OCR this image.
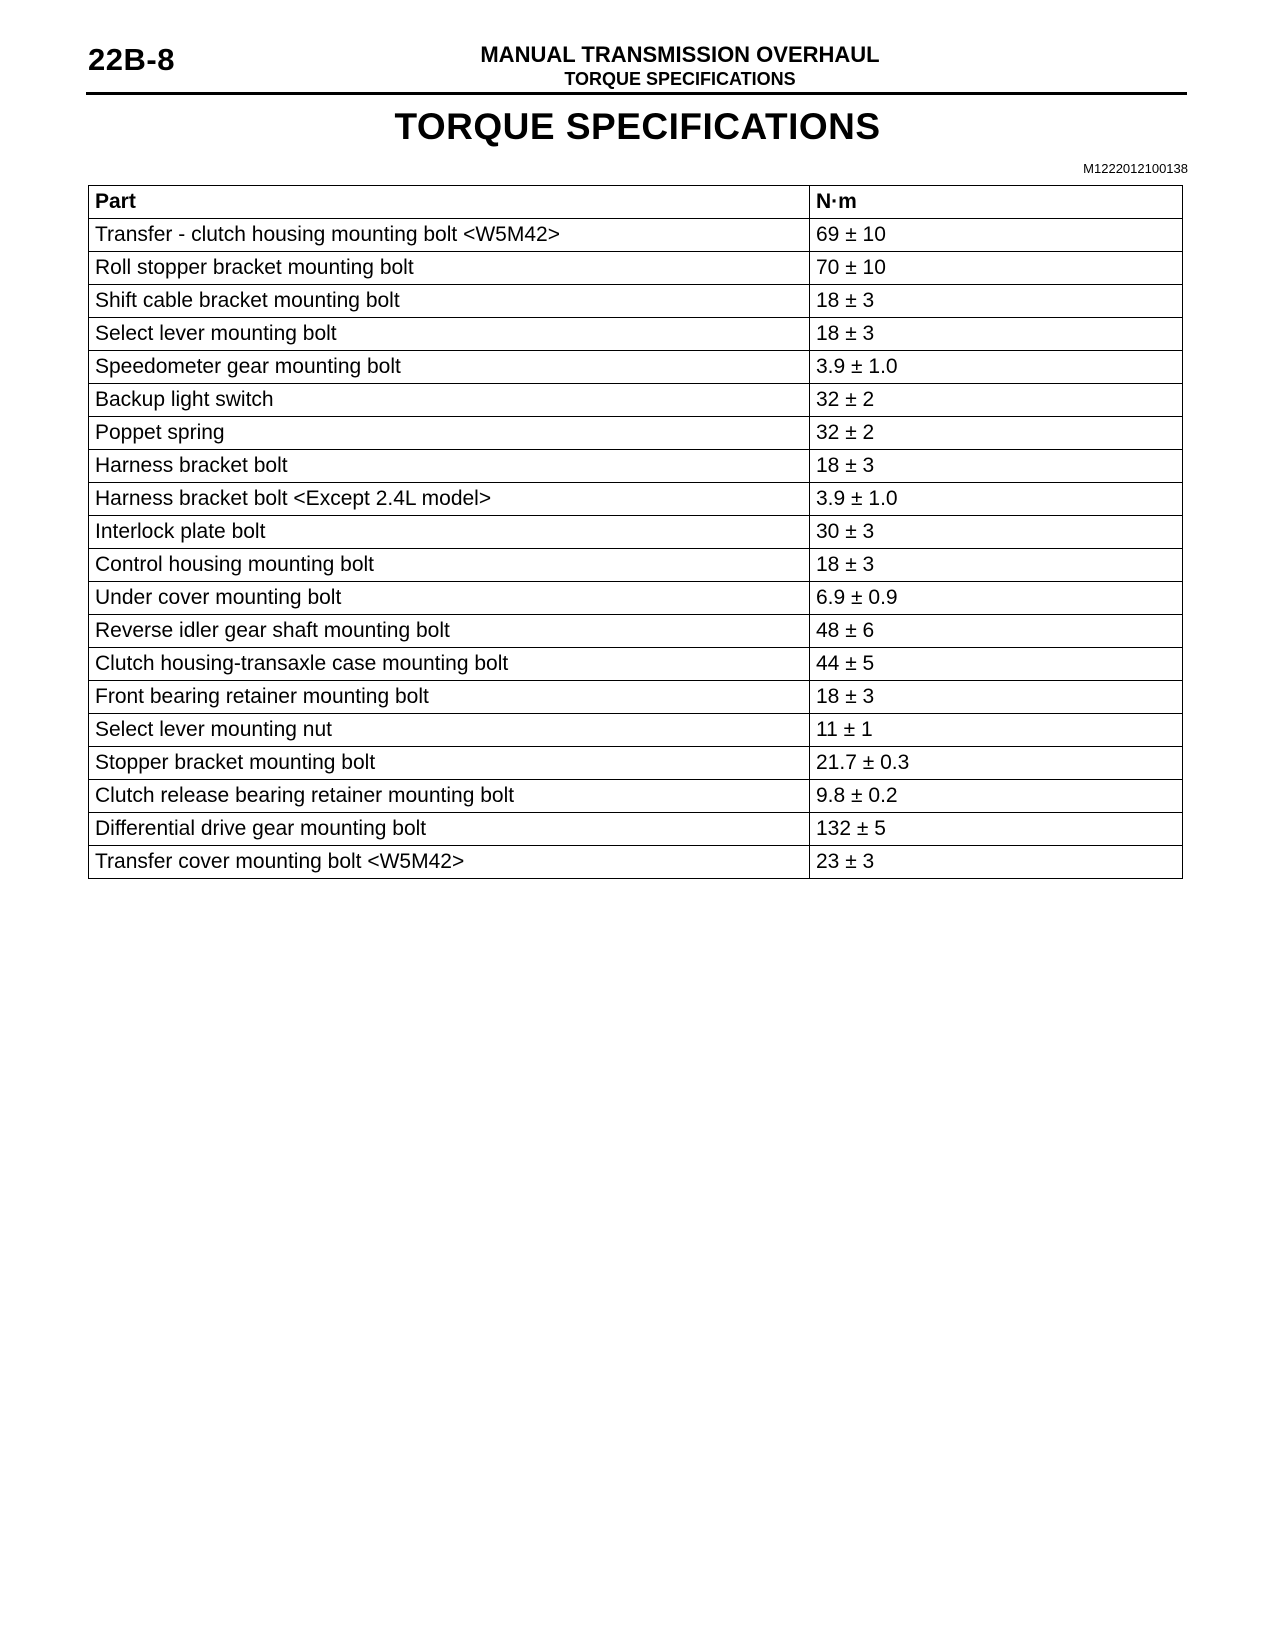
22B-8	MANUAL TRANSMISSION OVERHAUL
TORQUE SPECIFICATIONS
TORQUE SPECIFICATIONS
M1222012100138
Part	N·m
Transfer - clutch housing mounting bolt <W5M42>	69 ± 10
Roll stopper bracket mounting bolt	70 ± 10
Shift cable bracket mounting bolt	18 ± 3
Select lever mounting bolt	18 ± 3
Speedometer gear mounting bolt	3.9 ± 1.0
Backup light switch	32 ± 2
Poppet spring	32 ± 2
Harness bracket bolt	18 ± 3
Harness bracket bolt <Except 2.4L model>	3.9 ± 1.0
Interlock plate bolt	30 ± 3
Control housing mounting bolt	18 ± 3
Under cover mounting bolt	6.9 ± 0.9
Reverse idler gear shaft mounting bolt	48 ± 6
Clutch housing-transaxle case mounting bolt	44 ± 5
Front bearing retainer mounting bolt	18 ± 3
Select lever mounting nut	11 ± 1
Stopper bracket mounting bolt	21.7 ± 0.3
Clutch release bearing retainer mounting bolt	9.8 ± 0.2
Differential drive gear mounting bolt	132 ± 5
Transfer cover mounting bolt <W5M42>	23 ± 3
